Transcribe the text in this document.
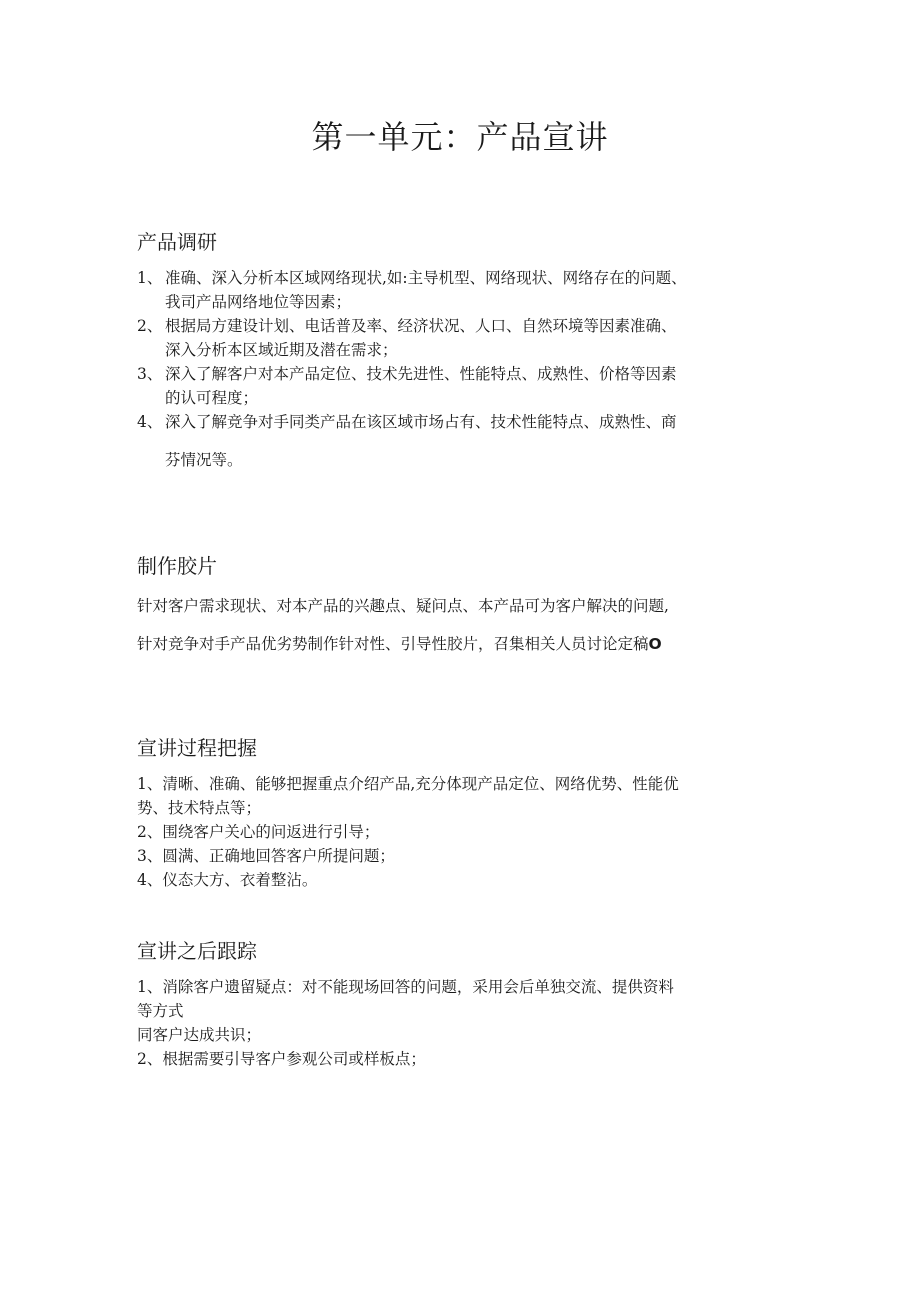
第一单元：产品宣讲
产品调研
1、 准确、深入分析本区域网络现状,如:主导机型、网络现状、网络存在的问题、
我司产品网络地位等因素；
2、 根据局方建设计划、电话普及率、经济状况、人口、自然环境等因素准确、
深入分析本区域近期及潜在需求；
3、 深入了解客户对本产品定位、技术先进性、性能特点、成熟性、价格等因素
的认可程度；
4、 深入了解竞争对手同类产品在该区域市场占有、技术性能特点、成熟性、商
芬情况等。
制作胶片

针对客户需求现状、对本产品的兴趣点、疑问点、本产品可为客户解决的问题,

针对竞争对手产品优劣势制作针对性、引导性胶片，召集相关人员讨论定稿O

宣讲过程把握

1、清晰、准确、能够把握重点介绍产品,充分体现产品定位、网络优势、性能优

势、技术特点等；

2、围绕客户关心的问返进行引导；

3、圆满、正确地回答客户所提问题；

4、仪态大方、衣着整沾。

宣讲之后跟踪

1、消除客户遗留疑点：对不能现场回答的问题，采用会后单独交流、提供资料

等方式

同客户达成共识；

2、根据需要引导客户参观公司或样板点；
